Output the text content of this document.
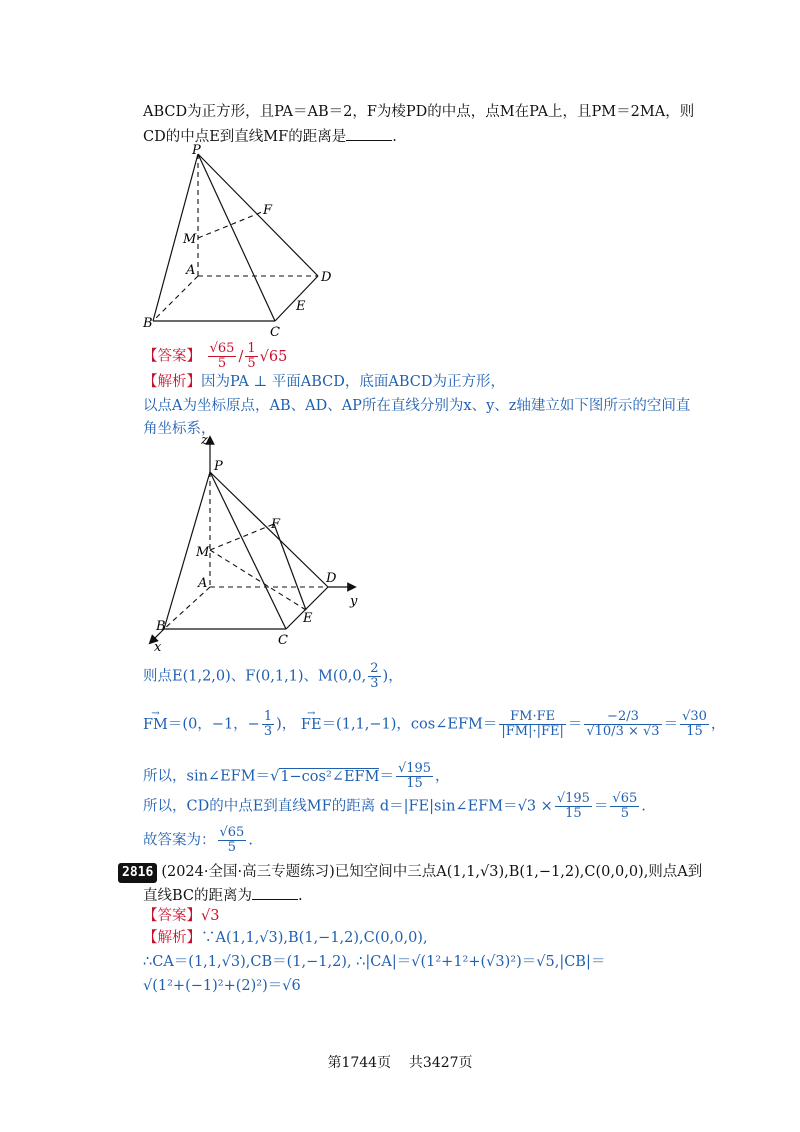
ABCD为正方形，且PA＝AB＝2，F为棱PD的中点，点M在PA上，且PM＝2MA，则
CD的中点E到直线MF的距离是	.
P
F
M
A	D
E
B
C
【答案】 $\frac{√65}{5} / \frac{1}{5} √65$
【解析】因为PA ⊥ 平面ABCD，底面ABCD为正方形，
以点A为坐标原点，AB、AD、AP所在直线分别为x、y、z轴建立如下图所示的空间直
角坐标系，
z
P
F
M
A	D
y
E
B
C
x
则点E(1,2,0)、F(0,1,1)、M(0,0, $\frac{2}{3}$ )，
→ FM＝(0，−1，− $\frac{1}{3}$ )， → FE＝(1,1,−1)，cos∠EFM＝ $\frac{FM\cdot FE}{|FM|\cdot|FE|} = \frac{-2/3}{√10/3 \times √3} = \frac{√30}{15}$ ，
所以，sin∠EFM＝√1−cos²∠EFM＝ $\frac{√195}{15}$ ，
所以，CD的中点E到直线MF的距离 d＝|FE|sin∠EFM＝√3 × $\frac{√195}{15} = \frac{√65}{5}$ .
故答案为： $\frac{√65}{5}$ .
2816 (2024·全国·高三专题练习)已知空间中三点A(1,1,√3),B(1,−1,2),C(0,0,0),则点A到
直线BC的距离为	.
【答案】√3
【解析】∵A(1,1,√3),B(1,−1,2),C(0,0,0),
∴CA＝(1,1,√3),CB＝(1,−1,2), ∴|CA|＝√(1²+1²+(√3)²)＝√5,|CB|＝
√(1²+(−1)²+(2)²)＝√6
第1744页 共3427页
